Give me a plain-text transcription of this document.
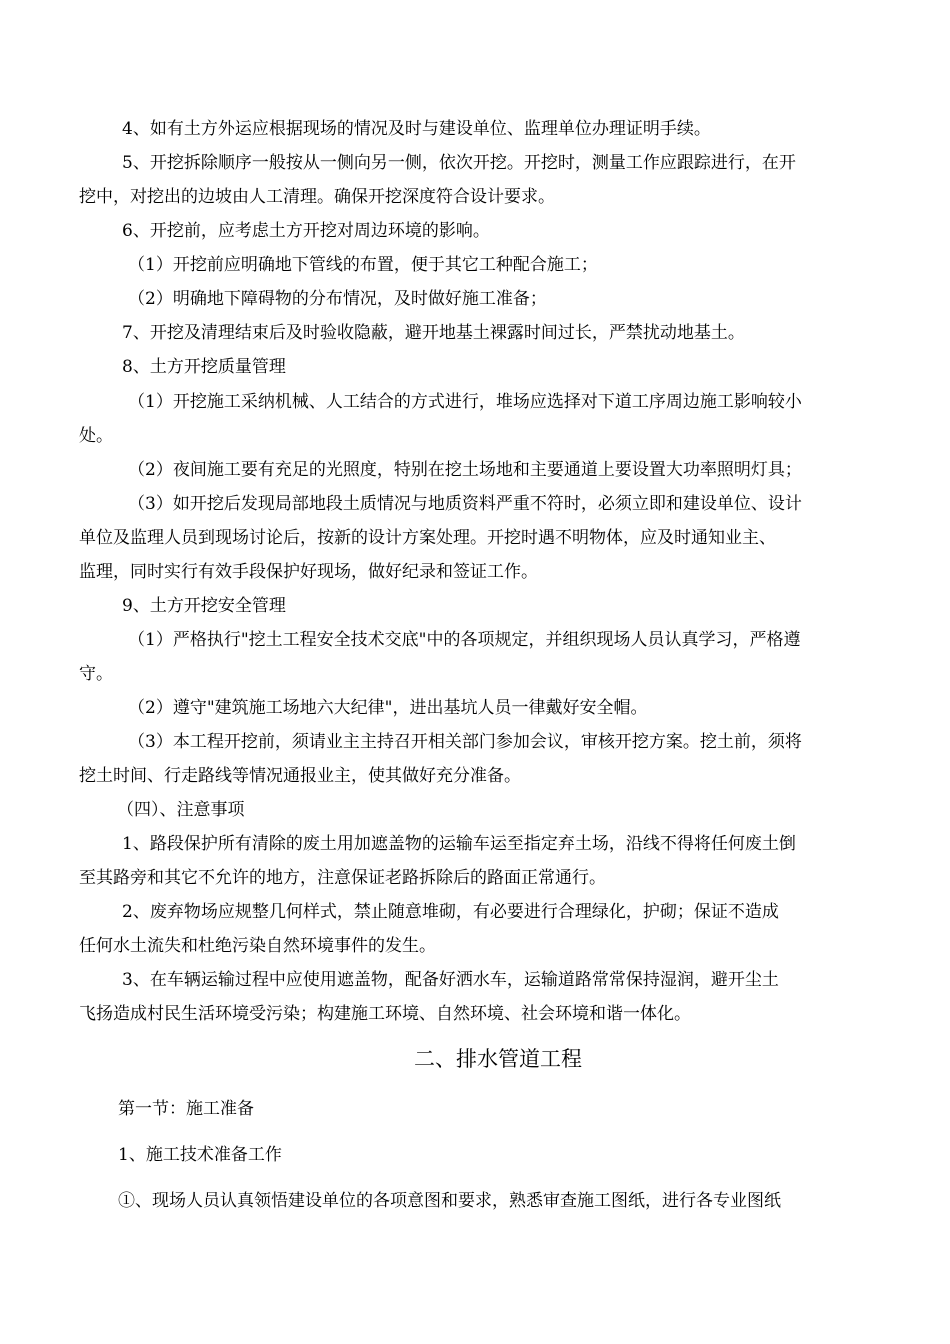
4、如有土方外运应根据现场的情况及时与建设单位、监理单位办理证明手续。
5、开挖拆除顺序一般按从一侧向另一侧，依次开挖。开挖时，测量工作应跟踪进行，在开
挖中，对挖出的边坡由人工清理。确保开挖深度符合设计要求。
6、开挖前，应考虑土方开挖对周边环境的影响。
（1）开挖前应明确地下管线的布置，便于其它工种配合施工；
（2）明确地下障碍物的分布情况，及时做好施工准备；
7、开挖及清理结束后及时验收隐蔽，避开地基土裸露时间过长，严禁扰动地基土。
8、土方开挖质量管理
（1）开挖施工采纳机械、人工结合的方式进行，堆场应选择对下道工序周边施工影响较小
处。
（2）夜间施工要有充足的光照度，特别在挖土场地和主要通道上要设置大功率照明灯具；
（3）如开挖后发现局部地段土质情况与地质资料严重不符时，必须立即和建设单位、设计
单位及监理人员到现场讨论后，按新的设计方案处理。开挖时遇不明物体，应及时通知业主、
监理，同时实行有效手段保护好现场，做好纪录和签证工作。
9、土方开挖安全管理
（1）严格执行"挖土工程安全技术交底"中的各项规定，并组织现场人员认真学习，严格遵
守。
（2）遵守"建筑施工场地六大纪律"，进出基坑人员一律戴好安全帽。
（3）本工程开挖前，须请业主主持召开相关部门参加会议，审核开挖方案。挖土前，须将
挖土时间、行走路线等情况通报业主，使其做好充分准备。
（四）、注意事项
1、路段保护所有清除的废土用加遮盖物的运输车运至指定弃土场，沿线不得将任何废土倒
至其路旁和其它不允许的地方，注意保证老路拆除后的路面正常通行。
2、废弃物场应规整几何样式，禁止随意堆砌，有必要进行合理绿化，护砌；保证不造成
任何水土流失和杜绝污染自然环境事件的发生。
3、在车辆运输过程中应使用遮盖物，配备好洒水车，运输道路常常保持湿润，避开尘土
飞扬造成村民生活环境受污染；构建施工环境、自然环境、社会环境和谐一体化。
二、排水管道工程
第一节：施工准备
1、施工技术准备工作
①、现场人员认真领悟建设单位的各项意图和要求，熟悉审查施工图纸，进行各专业图纸
